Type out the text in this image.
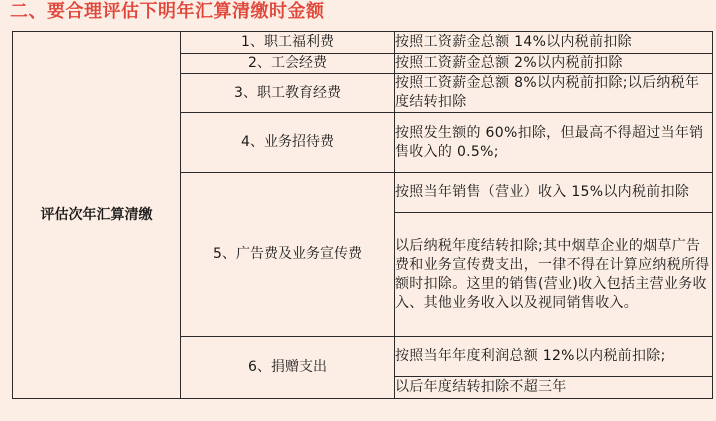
二、要合理评估下明年汇算清缴时金额
评估次年汇算清缴	1、职工福利费	按照工资薪金总额 14%以内税前扣除
	2、工会经费	按照工资薪金总额 2%以内税前扣除
	3、职工教育经费	按照工资薪金总额 8%以内税前扣除;以后纳税年度结转扣除
	4、业务招待费	按照发生额的 60%扣除，但最高不得超过当年销售收入的 0.5%;
	5、广告费及业务宣传费	按照当年销售（营业）收入 15%以内税前扣除
		以后纳税年度结转扣除;其中烟草企业的烟草广告费和业务宣传费支出，一律不得在计算应纳税所得额时扣除。这里的销售(营业)收入包括主营业务收入、其他业务收入以及视同销售收入。
	6、捐赠支出	按照当年年度利润总额 12%以内税前扣除;
		以后年度结转扣除不超三年
